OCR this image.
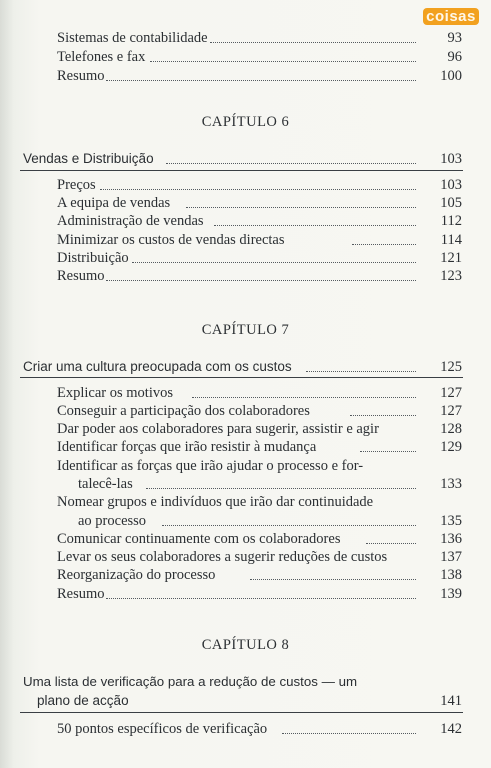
coisas
Sistemas de contabilidade	93
Telefones e fax	96
Resumo	100
CAPÍTULO 6
Vendas e Distribuição	103
Preços	103
A equipa de vendas	105
Administração de vendas	112
Minimizar os custos de vendas directas	114
Distribuição	121
Resumo	123
CAPÍTULO 7
Criar uma cultura preocupada com os custos	125
Explicar os motivos	127
Conseguir a participação dos colaboradores	127
Dar poder aos colaboradores para sugerir, assistir e agir	128
Identificar forças que irão resistir à mudança	129
Identificar as forças que irão ajudar o processo e for-
talecê-las	133
Nomear grupos e indivíduos que irão dar continuidade
ao processo	135
Comunicar continuamente com os colaboradores	136
Levar os seus colaboradores a sugerir reduções de custos	137
Reorganização do processo	138
Resumo	139
CAPÍTULO 8
Uma lista de verificação para a redução de custos — um
plano de acção	141
50 pontos específicos de verificação	142
